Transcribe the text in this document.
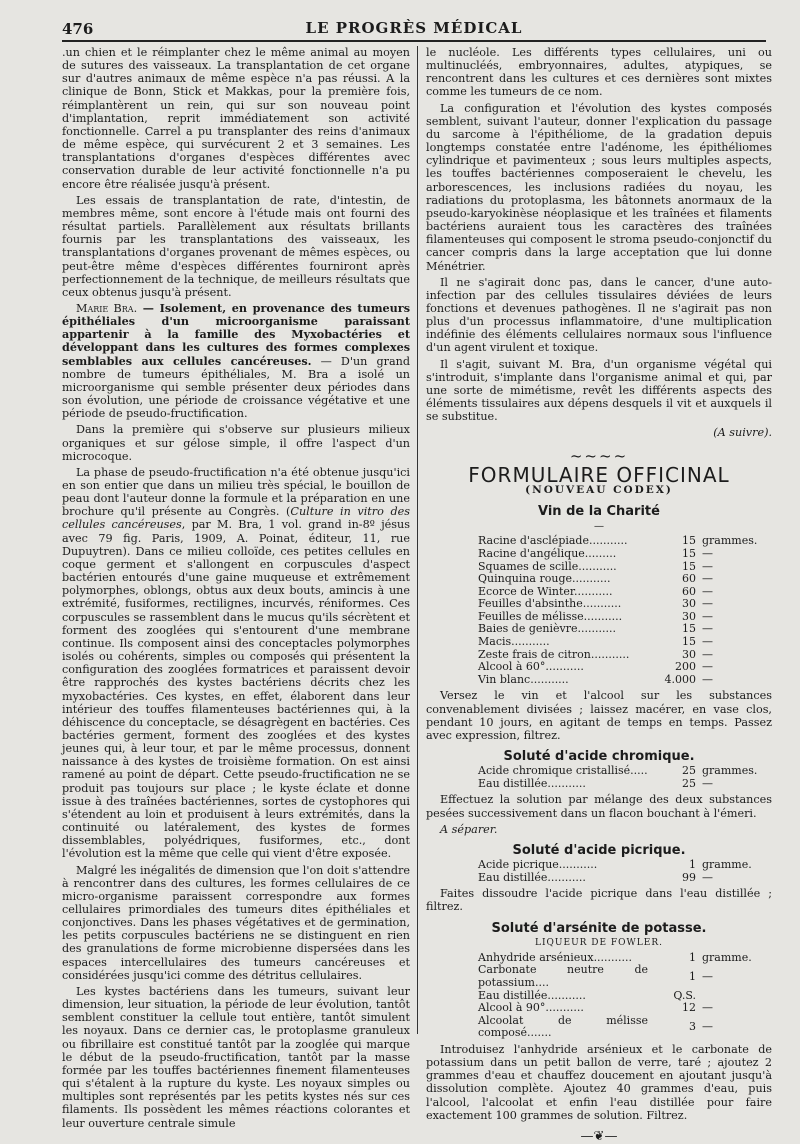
476	LE PROGRÈS MÉDICAL

.un chien et le réimplanter chez le même animal au moyen de sutures des vaisseaux. La transplantation de cet organe sur d'autres animaux de même espèce n'a pas réussi. A la clinique de Bonn, Stick et Makkas, pour la première fois, réimplantèrent un rein, qui sur son nouveau point d'implantation, reprit immédiatement son activité fonctionnelle. Carrel a pu transplanter des reins d'animaux de même espèce, qui survécurent 2 et 3 semaines. Les transplantations d'organes d'espèces différentes avec conservation durable de leur activité fonctionnelle n'a pu encore être réalisée jusqu'à présent.

Les essais de transplantation de rate, d'intestin, de membres même, sont encore à l'étude mais ont fourni des résultat partiels. Parallèlement aux résultats brillants fournis par les transplantations des vaisseaux, les transplantations d'organes provenant de mêmes espèces, ou peut-être même d'espèces différentes fourniront après perfectionnement de la technique, de meilleurs résultats que ceux obtenus jusqu'à présent.

Marie Bra. — Isolement, en provenance des tumeurs épithéliales d'un microorganisme paraissant appartenir à la famille des Myxobactéries et développant dans les cultures des formes complexes semblables aux cellules cancéreuses. — D'un grand nombre de tumeurs épithéliales, M. Bra a isolé un microorganisme qui semble présenter deux périodes dans son évolution, une période de croissance végétative et une période de pseudo-fructification.

Dans la première qui s'observe sur plusieurs milieux organiques et sur gélose simple, il offre l'aspect d'un microcoque.

La phase de pseudo-fructification n'a été obtenue jusqu'ici en son entier que dans un milieu très spécial, le bouillon de peau dont l'auteur donne la formule et la préparation en une brochure qu'il présente au Congrès. (Culture in vitro des cellules cancéreuses, par M. Bra, 1 vol. grand in-8º jésus avec 79 fig. Paris, 1909, A. Poinat, éditeur, 11, rue Dupuytren). Dans ce milieu colloïde, ces petites cellules en coque germent et s'allongent en corpuscules d'aspect bactérien entourés d'une gaine muqueuse et extrêmement polymorphes, oblongs, obtus aux deux bouts, amincis à une extrémité, fusiformes, rectilignes, incurvés, réniformes. Ces corpuscules se rassemblent dans le mucus qu'ils sécrètent et forment des zooglées qui s'entourent d'une membrane continue. Ils composent ainsi des conceptacles polymorphes isolés ou cohérents, simples ou composés qui présentent la configuration des zooglées formatrices et paraissent devoir être rapprochés des kystes bactériens décrits chez les myxobactéries. Ces kystes, en effet, élaborent dans leur intérieur des touffes filamenteuses bactériennes qui, à la déhiscence du conceptacle, se désagrègent en bactéries. Ces bactéries germent, forment des zooglées et des kystes jeunes qui, à leur tour, et par le même processus, donnent naissance à des kystes de troisième formation. On est ainsi ramené au point de départ. Cette pseudo-fructification ne se produit pas toujours sur place ; le kyste éclate et donne issue à des traînées bactériennes, sortes de cystophores qui s'étendent au loin et produisent à leurs extrémités, dans la continuité ou latéralement, des kystes de formes dissemblables, polyédriques, fusiformes, etc., dont l'évolution est la même que celle qui vient d'être exposée.

Malgré les inégalités de dimension que l'on doit s'attendre à rencontrer dans des cultures, les formes cellulaires de ce micro-organisme paraissent correspondre aux formes cellulaires primordiales des tumeurs dites épithéliales et conjonctives. Dans les phases végétatives et de germination, les petits corpuscules bactériens ne se distinguent en rien des granulations de forme microbienne dispersées dans les espaces intercellulaires des tumeurs cancéreuses et considérées jusqu'ici comme des détritus cellulaires.

Les kystes bactériens dans les tumeurs, suivant leur dimension, leur situation, la période de leur évolution, tantôt semblent constituer la cellule tout entière, tantôt simulent les noyaux. Dans ce dernier cas, le protoplasme granuleux ou fibrillaire est constitué tantôt par la zooglée qui marque le début de la pseudo-fructification, tantôt par la masse formée par les touffes bactériennes finement filamenteuses qui s'étalent à la rupture du kyste. Les noyaux simples ou multiples sont représentés par les petits kystes nés sur ces filaments. Ils possèdent les mêmes réactions colorantes et leur ouverture centrale simule

le nucléole. Les différents types cellulaires, uni ou multinucléés, embryonnaires, adultes, atypiques, se rencontrent dans les cultures et ces dernières sont mixtes comme les tumeurs de ce nom.

La configuration et l'évolution des kystes composés semblent, suivant l'auteur, donner l'explication du passage du sarcome à l'épithéliome, de la gradation depuis longtemps constatée entre l'adénome, les épithéliomes cylindrique et pavimenteux ; sous leurs multiples aspects, les touffes bactériennes composeraient le chevelu, les arborescences, les inclusions radiées du noyau, les radiations du protoplasma, les bâtonnets anormaux de la pseudo-karyokinèse néoplasique et les traînées et filaments bactériens auraient tous les caractères des traînées filamenteuses qui composent le stroma pseudo-conjonctif du cancer compris dans la large acceptation que lui donne Ménétrier.

Il ne s'agirait donc pas, dans le cancer, d'une auto-infection par des cellules tissulaires déviées de leurs fonctions et devenues pathogènes. Il ne s'agirait pas non plus d'un processus inflammatoire, d'une multiplication indéfinie des éléments cellulaires normaux sous l'influence d'un agent virulent et toxique.

Il s'agit, suivant M. Bra, d'un organisme végétal qui s'introduit, s'implante dans l'organisme animal et qui, par une sorte de mimétisme, revêt les différents aspects des éléments tissulaires aux dépens desquels il vit et auxquels il se substitue.

(A suivre).
~~~~
FORMULAIRE OFFICINAL
(NOUVEAU CODEX)
Vin de la Charité
—
Racine d'asclépiade...........	15	grammes.
Racine d'angélique.........	15	—
Squames de scille...........	15	—
Quinquina rouge...........	60	—
Ecorce de Winter...........	60	—
Feuilles d'absinthe...........	30	—
Feuilles de mélisse...........	30	—
Baies de genièvre...........	15	—
Macis...........	15	—
Zeste frais de citron...........	30	—
Alcool à 60°...........	200	—
Vin blanc...........	4.000	—

Versez le vin et l'alcool sur les substances convenablement divisées ; laissez macérer, en vase clos, pendant 10 jours, en agitant de temps en temps. Passez avec expression, filtrez.

Soluté d'acide chromique.
Acide chromique cristallisé.....	25	grammes.
Eau distillée...........	25	—

Effectuez la solution par mélange des deux substances pesées successivement dans un flacon bouchant à l'émeri.

A séparer.

Soluté d'acide picrique.
Acide picrique...........	1	gramme.
Eau distillée...........	99	—

Faites dissoudre l'acide picrique dans l'eau distillée ; filtrez.

Soluté d'arsénite de potasse.
LIQUEUR DE FOWLER.
Anhydride arsénieux...........	1	gramme.
Carbonate neutre de potassium....	1	—
Eau distillée...........	Q.S.	
Alcool à 90°...........	12	—
Alcoolat de mélisse composé.......	3	—

Introduisez l'anhydride arsénieux et le carbonate de potassium dans un petit ballon de verre, taré ; ajoutez 2 grammes d'eau et chauffez doucement en ajoutant jusqu'à dissolution complète. Ajoutez 40 grammes d'eau, puis l'alcool, l'alcoolat et enfin l'eau distillée pour faire exactement 100 grammes de solution. Filtrez.

—❦—
